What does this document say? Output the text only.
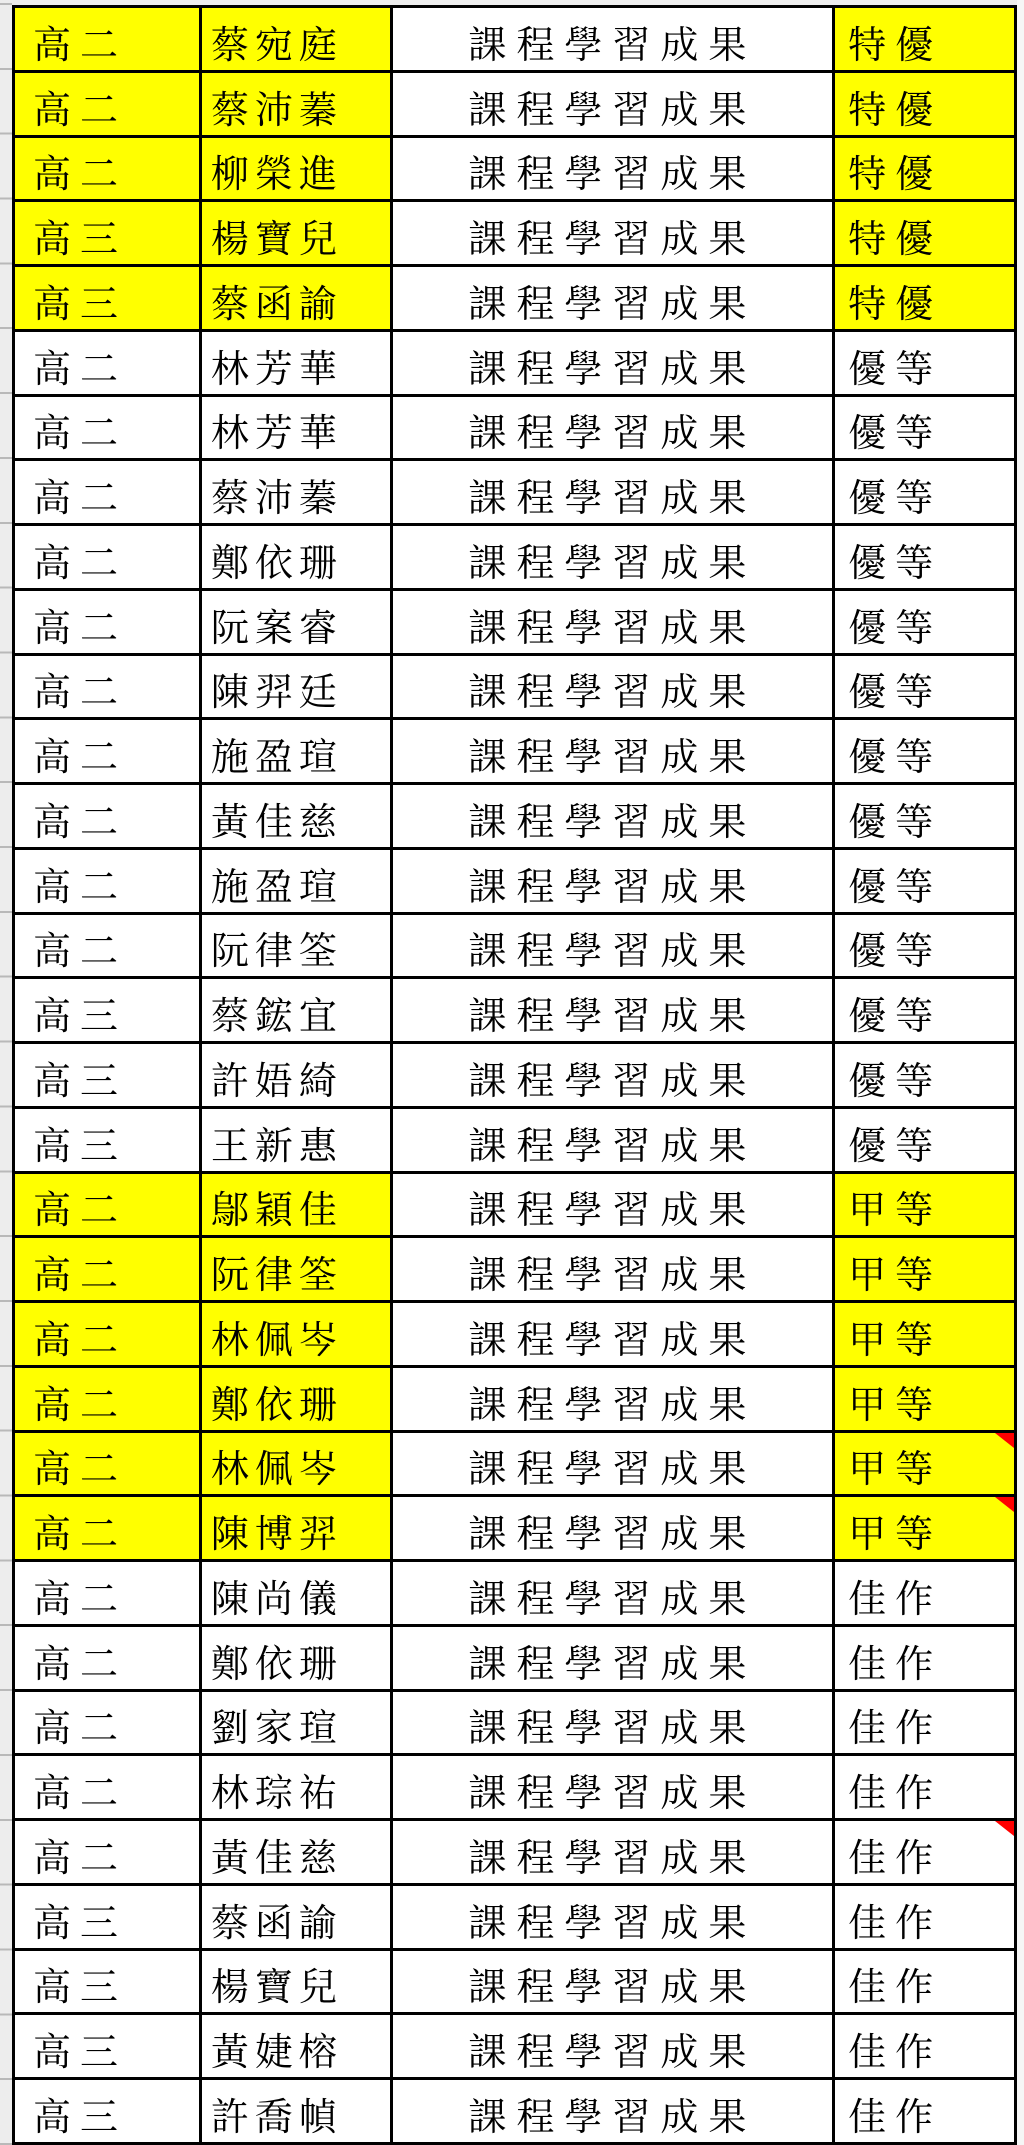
高二	蔡宛庭	課程學習成果	特優
高二	蔡沛蓁	課程學習成果	特優
高二	柳榮進	課程學習成果	特優
高三	楊寶兒	課程學習成果	特優
高三	蔡函諭	課程學習成果	特優
高二	林芳華	課程學習成果	優等
高二	林芳華	課程學習成果	優等
高二	蔡沛蓁	課程學習成果	優等
高二	鄭依珊	課程學習成果	優等
高二	阮案睿	課程學習成果	優等
高二	陳羿廷	課程學習成果	優等
高二	施盈瑄	課程學習成果	優等
高二	黃佳慈	課程學習成果	優等
高二	施盈瑄	課程學習成果	優等
高二	阮律筌	課程學習成果	優等
高三	蔡鋐宜	課程學習成果	優等
高三	許娪綺	課程學習成果	優等
高三	王新惠	課程學習成果	優等
高二	鄔穎佳	課程學習成果	甲等
高二	阮律筌	課程學習成果	甲等
高二	林佩岑	課程學習成果	甲等
高二	鄭依珊	課程學習成果	甲等
高二	林佩岑	課程學習成果	甲等
高二	陳博羿	課程學習成果	甲等
高二	陳尚儀	課程學習成果	佳作
高二	鄭依珊	課程學習成果	佳作
高二	劉家瑄	課程學習成果	佳作
高二	林琮祐	課程學習成果	佳作
高二	黃佳慈	課程學習成果	佳作
高三	蔡函諭	課程學習成果	佳作
高三	楊寶兒	課程學習成果	佳作
高三	黃婕榕	課程學習成果	佳作
高三	許喬幀	課程學習成果	佳作
